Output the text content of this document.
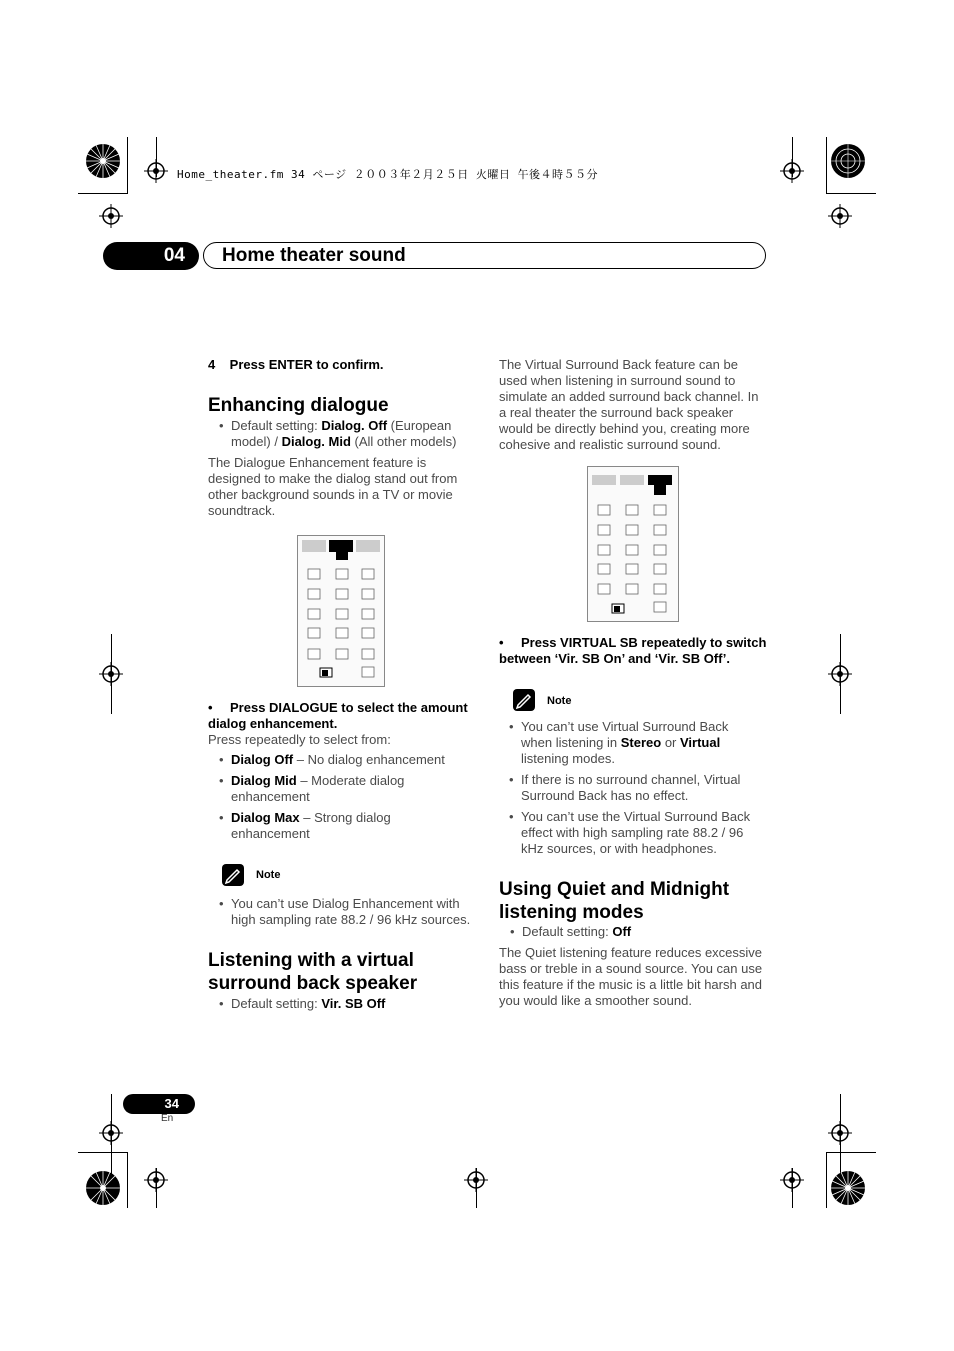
Home_theater.fm 34 ページ ２００３年２月２５日 火曜日 午後４時５５分
04	Home theater sound
4    Press ENTER to confirm.
Enhancing dialogue
• Default setting: Dialog. Off (European model) / Dialog. Mid (All other models)
The Dialogue Enhancement feature is designed to make the dialog stand out from other background sounds in a TV or movie soundtrack.
•	Press DIALOGUE to select the amount dialog enhancement.
Press repeatedly to select from:
• Dialog Off – No dialog enhancement
• Dialog Mid – Moderate dialog enhancement
• Dialog Max – Strong dialog enhancement
Note
• You can’t use Dialog Enhancement with high sampling rate 88.2 / 96 kHz sources.
Listening with a virtual surround back speaker
• Default setting: Vir. SB Off
The Virtual Surround Back feature can be used when listening in surround sound to simulate an added surround back channel. In a real theater the surround back speaker would be directly behind you, creating more cohesive and realistic surround sound.
•	Press VIRTUAL SB repeatedly to switch between ‘Vir. SB On’ and ‘Vir. SB Off’.
Note
• You can’t use Virtual Surround Back when listening in Stereo or Virtual listening modes.
• If there is no surround channel, Virtual Surround Back has no effect.
• You can’t use the Virtual Surround Back effect with high sampling rate 88.2 / 96 kHz sources, or with headphones.
Using Quiet and Midnight listening modes
• Default setting: Off
The Quiet listening feature reduces excessive bass or treble in a sound source. You can use this feature if the music is a little bit harsh and you would like a smoother sound.
34
En
